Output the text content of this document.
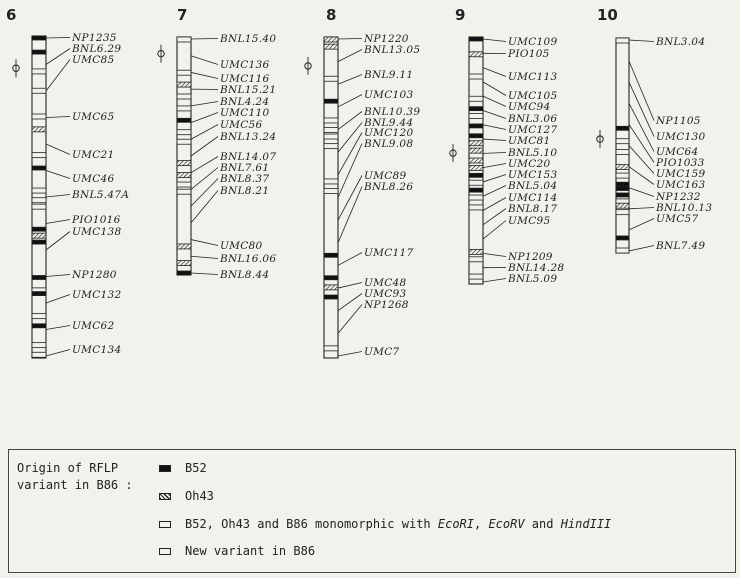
6
NP1235
BNL6.29
UMC85
UMC65
UMC21
UMC46
BNL5.47A
PIO1016
UMC138
NP1280
UMC132
UMC62
UMC134
7
BNL15.40
UMC136
UMC116
BNL15.21
BNL4.24
UMC110
UMC56
BNL13.24
BNL14.07
BNL7.61
BNL8.37
BNL8.21
UMC80
BNL16.06
BNL8.44
8
NP1220
BNL13.05
BNL9.11
UMC103
BNL10.39
BNL9.44
UMC120
BNL9.08
UMC89
BNL8.26
UMC117
UMC48
UMC93
NP1268
UMC7
9
UMC109
PIO105
UMC113
UMC105
UMC94
BNL3.06
UMC127
UMC81
BNL5.10
UMC20
UMC153
BNL5.04
UMC114
BNL8.17
UMC95
NP1209
BNL14.28
BNL5.09
10
BNL3.04
NP1105
UMC130
UMC64
PIO1033
UMC159
UMC163
NP1232
BNL10.13
UMC57
BNL7.49
Origin of RFLP
variant in B86 :
B52
Oh43
B52, Oh43 and B86 monomorphic with EcoRI, EcoRV and HindIII
New variant in B86
